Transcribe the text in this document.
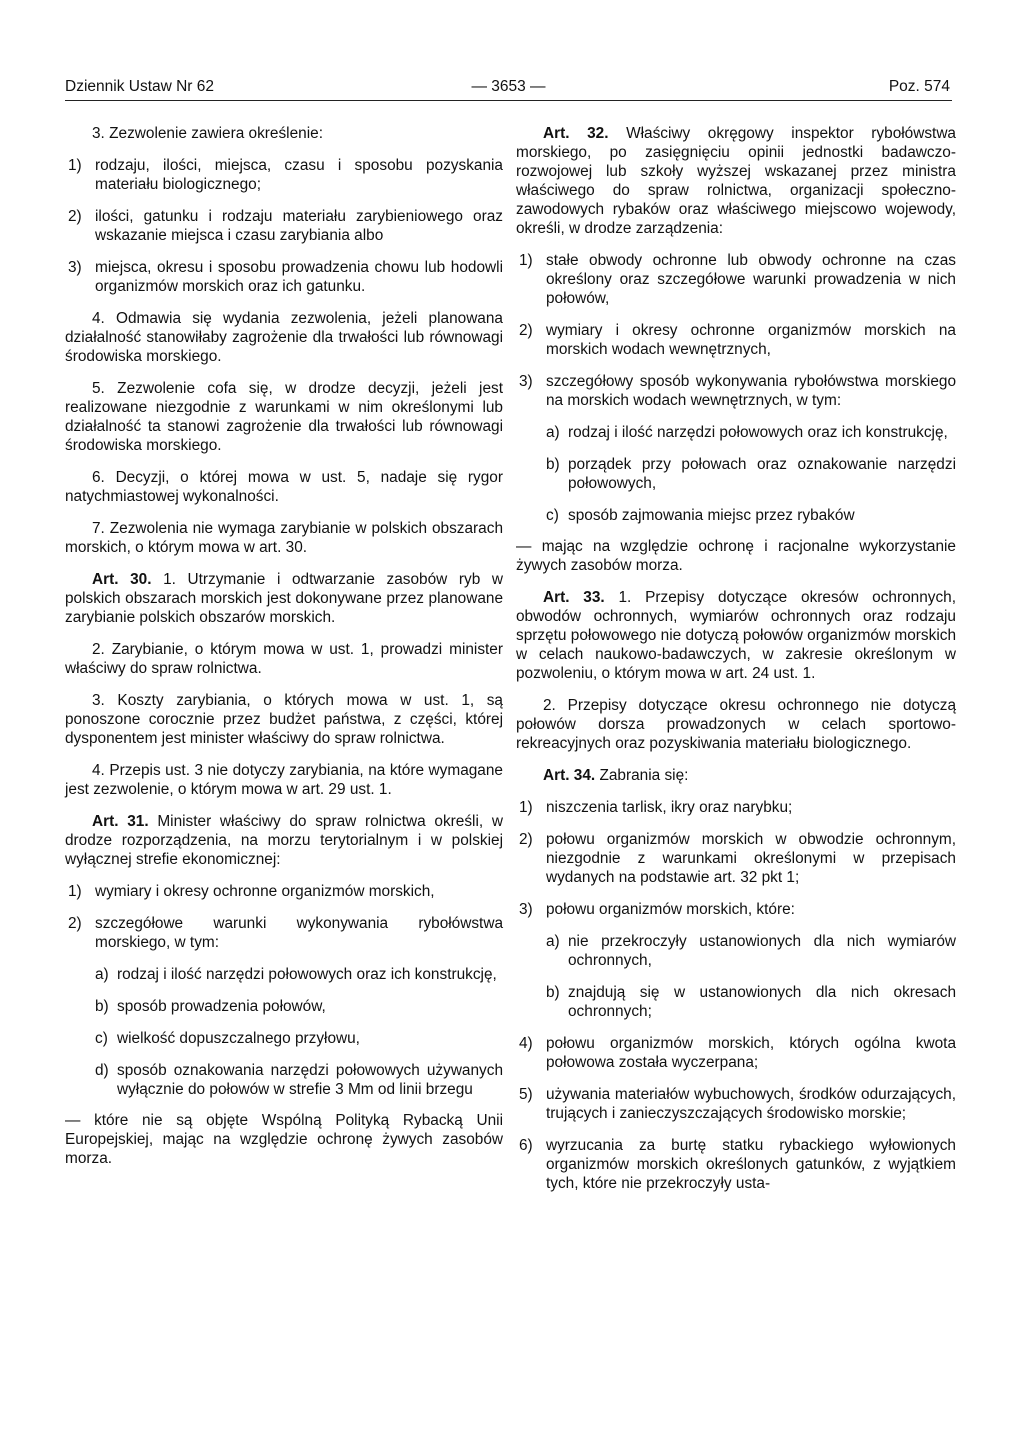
Dziennik Ustaw Nr 62	— 3653 —	Poz. 574

3. Zezwolenie zawiera określenie:

1) rodzaju, ilości, miejsca, czasu i sposobu pozyskania materiału biologicznego;
2) ilości, gatunku i rodzaju materiału zarybieniowego oraz wskazanie miejsca i czasu zarybiania albo
3) miejsca, okresu i sposobu prowadzenia chowu lub hodowli organizmów morskich oraz ich gatunku.

4. Odmawia się wydania zezwolenia, jeżeli planowana działalność stanowiłaby zagrożenie dla trwałości lub równowagi środowiska morskiego.

5. Zezwolenie cofa się, w drodze decyzji, jeżeli jest realizowane niezgodnie z warunkami w nim określonymi lub działalność ta stanowi zagrożenie dla trwałości lub równowagi środowiska morskiego.

6. Decyzji, o której mowa w ust. 5, nadaje się rygor natychmiastowej wykonalności.

7. Zezwolenia nie wymaga zarybianie w polskich obszarach morskich, o którym mowa w art. 30.

Art. 30. 1. Utrzymanie i odtwarzanie zasobów ryb w polskich obszarach morskich jest dokonywane przez planowane zarybianie polskich obszarów morskich.

2. Zarybianie, o którym mowa w ust. 1, prowadzi minister właściwy do spraw rolnictwa.

3. Koszty zarybiania, o których mowa w ust. 1, są ponoszone corocznie przez budżet państwa, z części, której dysponentem jest minister właściwy do spraw rolnictwa.

4. Przepis ust. 3 nie dotyczy zarybiania, na które wymagane jest zezwolenie, o którym mowa w art. 29 ust. 1.

Art. 31. Minister właściwy do spraw rolnictwa określi, w drodze rozporządzenia, na morzu terytorialnym i w polskiej wyłącznej strefie ekonomicznej:

1) wymiary i okresy ochronne organizmów morskich,
2) szczegółowe warunki wykonywania rybołówstwa morskiego, w tym:
a) rodzaj i ilość narzędzi połowowych oraz ich konstrukcję,
b) sposób prowadzenia połowów,
c) wielkość dopuszczalnego przyłowu,
d) sposób oznakowania narzędzi połowowych używanych wyłącznie do połowów w strefie 3 Mm od linii brzegu

— które nie są objęte Wspólną Polityką Rybacką Unii Europejskiej, mając na względzie ochronę żywych zasobów morza.

Art. 32. Właściwy okręgowy inspektor rybołówstwa morskiego, po zasięgnięciu opinii jednostki badawczo-rozwojowej lub szkoły wyższej wskazanej przez ministra właściwego do spraw rolnictwa, organizacji społeczno-zawodowych rybaków oraz właściwego miejscowo wojewody, określi, w drodze zarządzenia:

1) stałe obwody ochronne lub obwody ochronne na czas określony oraz szczegółowe warunki prowadzenia w nich połowów,
2) wymiary i okresy ochronne organizmów morskich na morskich wodach wewnętrznych,
3) szczegółowy sposób wykonywania rybołówstwa morskiego na morskich wodach wewnętrznych, w tym:
a) rodzaj i ilość narzędzi połowowych oraz ich konstrukcję,
b) porządek przy połowach oraz oznakowanie narzędzi połowowych,
c) sposób zajmowania miejsc przez rybaków

— mając na względzie ochronę i racjonalne wykorzystanie żywych zasobów morza.

Art. 33. 1. Przepisy dotyczące okresów ochronnych, obwodów ochronnych, wymiarów ochronnych oraz rodzaju sprzętu połowowego nie dotyczą połowów organizmów morskich w celach naukowo-badawczych, w zakresie określonym w pozwoleniu, o którym mowa w art. 24 ust. 1.

2. Przepisy dotyczące okresu ochronnego nie dotyczą połowów dorsza prowadzonych w celach sportowo-rekreacyjnych oraz pozyskiwania materiału biologicznego.

Art. 34. Zabrania się:

1) niszczenia tarlisk, ikry oraz narybku;
2) połowu organizmów morskich w obwodzie ochronnym, niezgodnie z warunkami określonymi w przepisach wydanych na podstawie art. 32 pkt 1;
3) połowu organizmów morskich, które:
a) nie przekroczyły ustanowionych dla nich wymiarów ochronnych,
b) znajdują się w ustanowionych dla nich okresach ochronnych;
4) połowu organizmów morskich, których ogólna kwota połowowa została wyczerpana;
5) używania materiałów wybuchowych, środków odurzających, trujących i zanieczyszczających środowisko morskie;
6) wyrzucania za burtę statku rybackiego wyłowionych organizmów morskich określonych gatunków, z wyjątkiem tych, które nie przekroczyły usta-
